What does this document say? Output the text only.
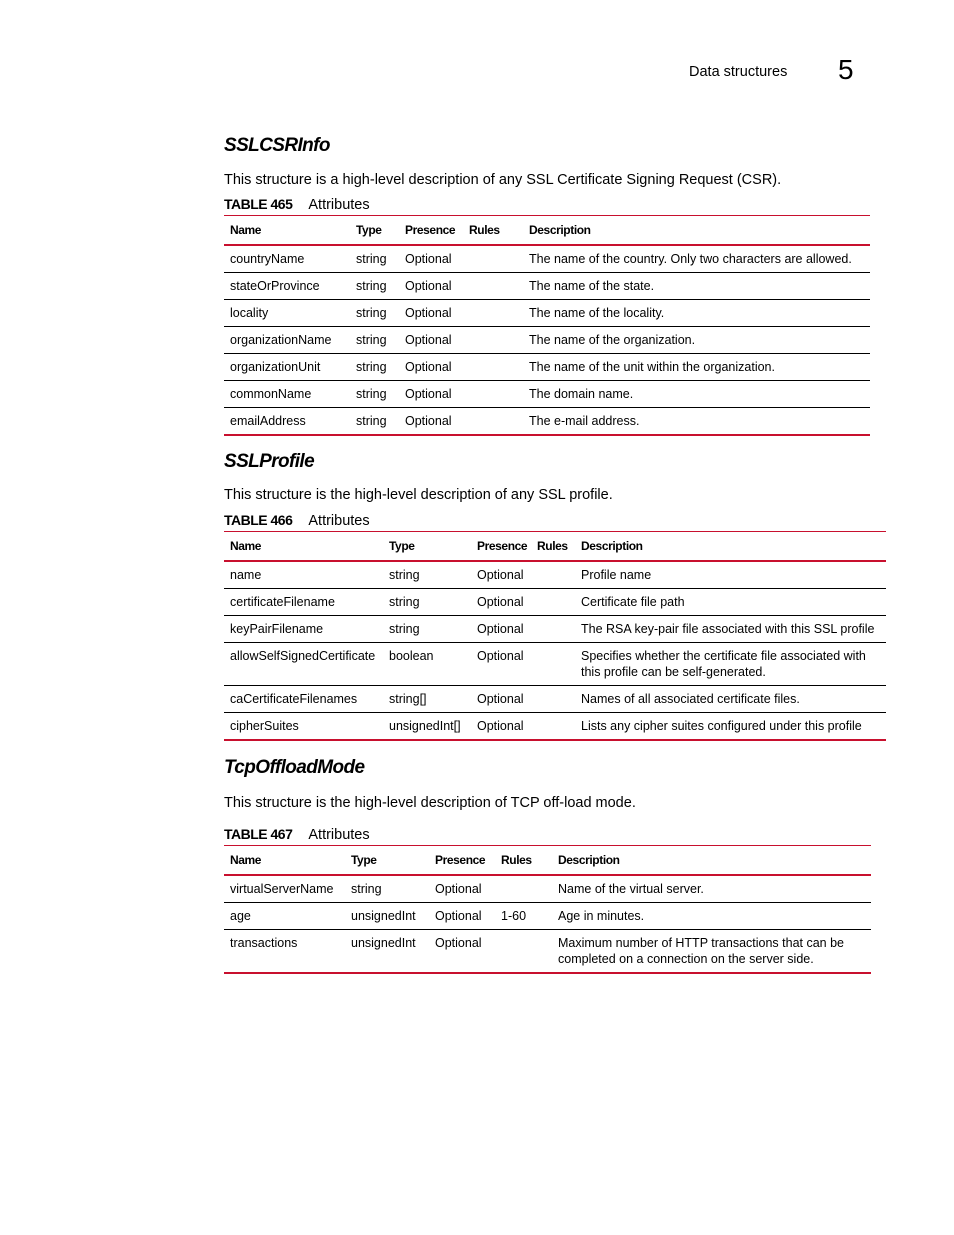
Data structures 5
SSLCSRInfo

This structure is a high-level description of any SSL Certificate Signing Request (CSR).

TABLE 465 Attributes
Name	Type	Presence	Rules	Description
countryName	string	Optional		The name of the country. Only two characters are allowed.
stateOrProvince	string	Optional		The name of the state.
locality	string	Optional		The name of the locality.
organizationName	string	Optional		The name of the organization.
organizationUnit	string	Optional		The name of the unit within the organization.
commonName	string	Optional		The domain name.
emailAddress	string	Optional		The e-mail address.
SSLProfile

This structure is the high-level description of any SSL profile.

TABLE 466 Attributes
Name	Type	Presence	Rules	Description
name	string	Optional		Profile name
certificateFilename	string	Optional		Certificate file path
keyPairFilename	string	Optional		The RSA key-pair file associated with this SSL profile
allowSelfSignedCertificate	boolean	Optional		Specifies whether the certificate file associated with this profile can be self-generated.
caCertificateFilenames	string[]	Optional		Names of all associated certificate files.
cipherSuites	unsignedInt[]	Optional		Lists any cipher suites configured under this profile
TcpOffloadMode

This structure is the high-level description of TCP off-load mode.

TABLE 467 Attributes
Name	Type	Presence	Rules	Description
virtualServerName	string	Optional		Name of the virtual server.
age	unsignedInt	Optional	1-60	Age in minutes.
transactions	unsignedInt	Optional		Maximum number of HTTP transactions that can be completed on a connection on the server side.
